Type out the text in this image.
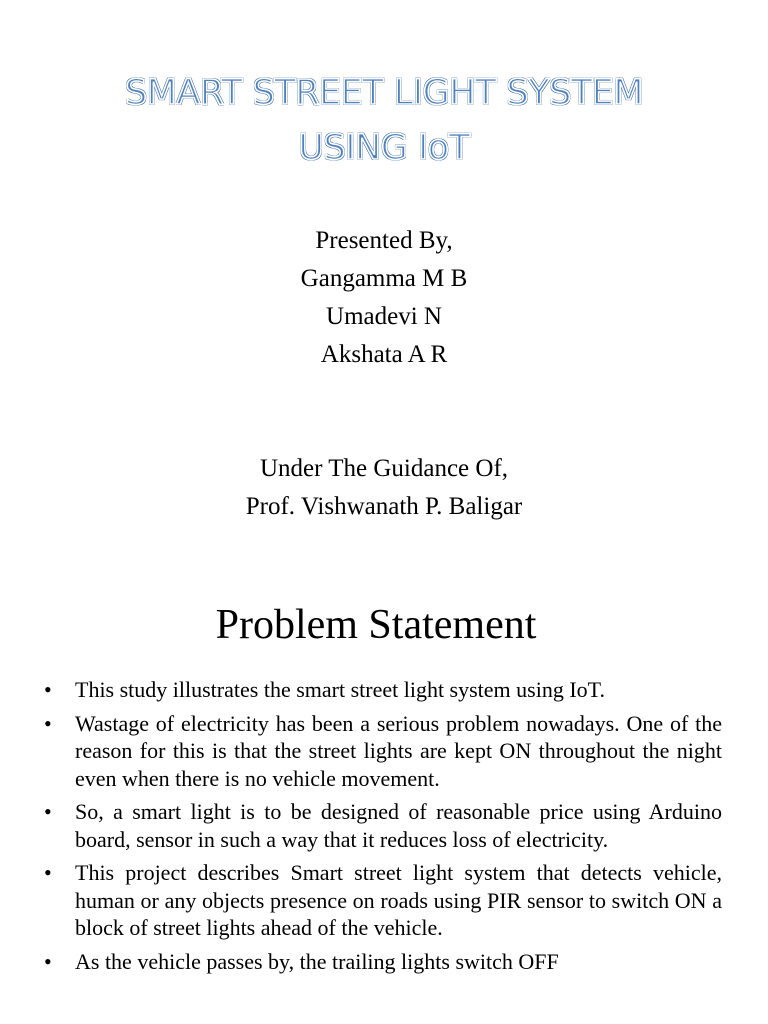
SMART STREET LIGHT SYSTEM
USING IoT
Presented By,
Gangamma M B
Umadevi N
Akshata A R
Under The Guidance Of,
Prof. Vishwanath P. Baligar
Problem Statement
• This study illustrates the smart street light system using IoT.
• Wastage of electricity has been a serious problem nowadays. One of the reason for this is that the street lights are kept ON throughout the night even when there is no vehicle movement.
• So, a smart light is to be designed of reasonable price using Arduino board, sensor in such a way that it reduces loss of electricity.
• This project describes Smart street light system that detects vehicle, human or any objects presence on roads using PIR sensor to switch ON a block of street lights ahead of the vehicle.
• As the vehicle passes by, the trailing lights switch OFF
